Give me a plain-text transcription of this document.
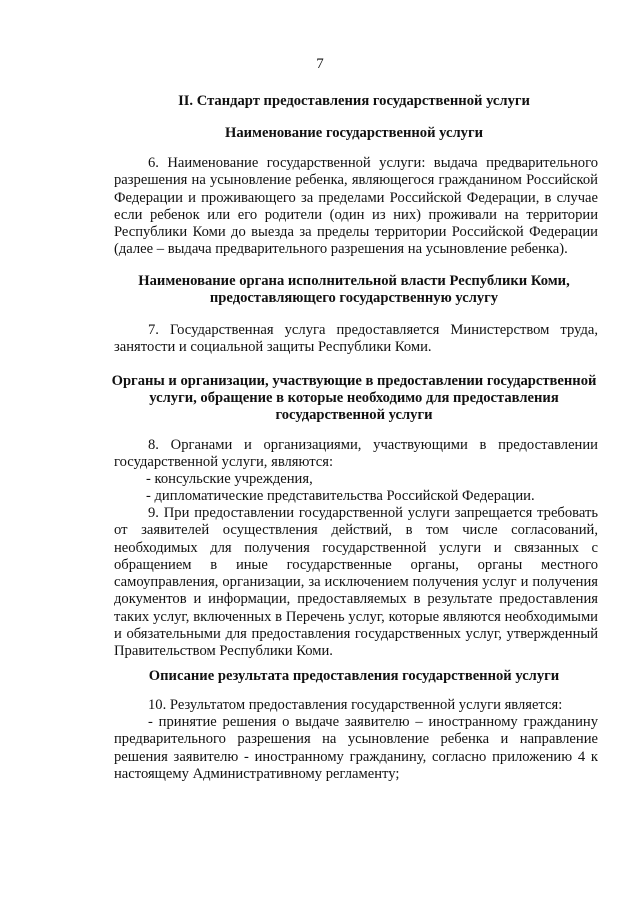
7
II. Стандарт предоставления государственной услуги
Наименование государственной услуги
6. Наименование государственной услуги: выдача предварительного разрешения на усыновление ребенка, являющегося гражданином Российской Федерации и проживающего за пределами Российской Федерации, в случае если ребенок или его родители (один из них) проживали на территории Республики Коми до выезда за пределы территории Российской Федерации (далее – выдача предварительного разрешения на усыновление ребенка).
Наименование органа исполнительной власти Республики Коми,
предоставляющего государственную услугу
7. Государственная услуга предоставляется Министерством труда, занятости и социальной защиты Республики Коми.
Органы и организации, участвующие в предоставлении государственной
услуги, обращение в которые необходимо для предоставления
государственной услуги
8. Органами и организациями, участвующими в предоставлении государственной услуги, являются:
- консульские учреждения,
- дипломатические представительства Российской Федерации.
9. При предоставлении государственной услуги запрещается требовать от заявителей осуществления действий, в том числе согласований, необходимых для получения государственной услуги и связанных с обращением в иные государственные органы, органы местного самоуправления, организации, за исключением получения услуг и получения документов и информации, предоставляемых в результате предоставления таких услуг, включенных в Перечень услуг, которые являются необходимыми и обязательными для предоставления государственных услуг, утвержденный Правительством Республики Коми.
Описание результата предоставления государственной услуги
10. Результатом предоставления государственной услуги является:
- принятие решения о выдаче заявителю – иностранному гражданину предварительного разрешения на усыновление ребенка и направление решения заявителю - иностранному гражданину, согласно приложению 4 к настоящему Административному регламенту;
